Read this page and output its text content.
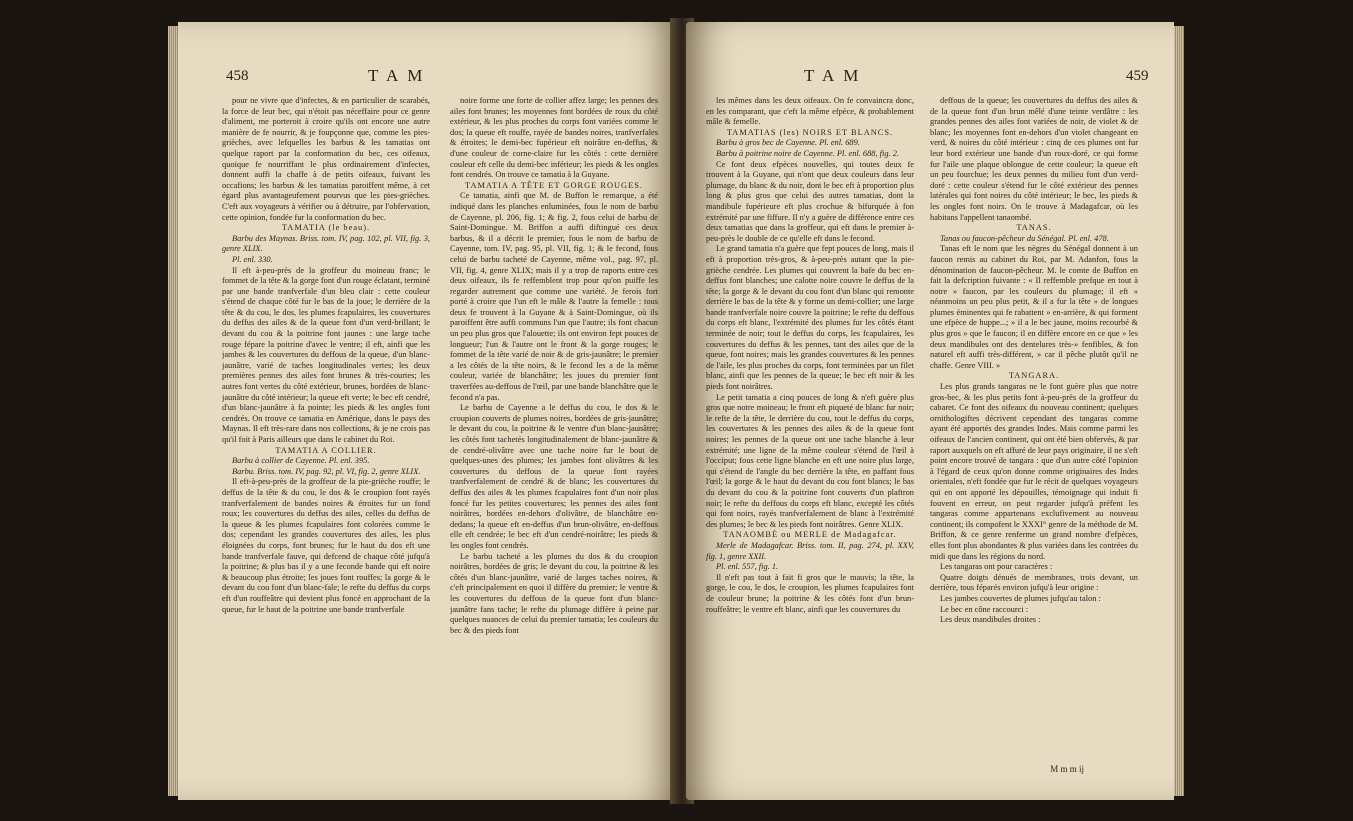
458	TAM

pour ne vivre que d'infectes, & en particulier de scarabés, la force de leur bec, qui n'étoit pas néceffaire pour ce genre d'aliment, me porteroit à croire qu'ils ont encore une autre manière de fe nourrir, & je foupçonne que, comme les pies-grièches, avec lefquelles les barbus & les tamatias ont quelque raport par la conformation du bec, ces oifeaux, quoique fe nourriffant le plus ordinairement d'infectes, donnent auffi la chaffe à de petits oifeaux, fuivant les occafions; les barbus & les tamatias paroiffent même, à cet égard plus avantageufement pourvus que les pies-grièches. C'eft aux voyageurs à vérifier ou à détruire, par l'obfervation, cette opinion, fondée fur la conformation du bec.

TAMATIA (le beau).

Barbu des Maynas. Briss. tom. IV, pag. 102, pl. VII, fig. 3, genre XLIX.

Pl. enl. 330.

Il eft à-peu-près de la groffeur du moineau franc; le fommet de la tête & la gorge font d'un rouge éclatant, terminé par une bande tranfverfale d'un bleu clair : cette couleur s'étend de chaque côté fur le bas de la joue; le derrière de la tête & du cou, le dos, les plumes fcapulaires, les couvertures du deffus des ailes & de la queue font d'un verd-brillant; le devant du cou & la poitrine font jaunes : une large tache rouge fépare la poitrine d'avec le ventre; il eft, ainfi que les jambes & les couvertures du deffous de la queue, d'un blanc-jaunâtre, varié de taches longitudinales vertes; les deux premières pennes des ailes font brunes & très-courtes; les autres font vertes du côté extérieur, brunes, bordées de blanc-jaunâtre du côté intérieur; la queue eft verte; le bec eft cendré, d'un blanc-jaunâtre à fa pointe; les pieds & les ongles font cendrés. On trouve ce tamatia en Amérique, dans le pays des Maynas. Il eft très-rare dans nos collections, & je ne crois pas qu'il foit à Paris ailleurs que dans le cabinet du Roi.

TAMATIA A COLLIER.

Barbu à collier de Cayenne. Pl. enl. 395.

Barbu. Briss. tom. IV, pag. 92, pl. VI, fig. 2, genre XLIX.

Il eft-à-peu-près de la groffeur de la pie-grièche rouffe; le deffus de la tête & du cou, le dos & le croupion font rayés tranfverfalement de bandes noires & étroites fur un fond roux; les couvertures du deffus des ailes, celles du deffus de la queue & les plumes fcapulaires font colorées comme le dos; cependant les grandes couvertures des ailes, les plus éloignées du corps, font brunes; fur le haut du dos eft une bande tranfverfale fauve, qui defcend de chaque côté jufqu'à la poitrine; & plus bas il y a une feconde bande qui eft noire & beaucoup plus étroite; les joues font rouffes; la gorge & le devant du cou font d'un blanc-fale; le refte du deffus du corps eft d'un rouffeâtre qui devient plus foncé en approchant de la queue, fur le haut de la poitrine une bande tranfverfale

noire forme une forte de collier affez large; les pennes des ailes font brunes; les moyennes font bordées de roux du côté extérieur, & les plus proches du corps font variées comme le dos; la queue eft rouffe, rayée de bandes noires, tranfverfales & étroites; le demi-bec fupérieur eft noirâtre en-deffus, & d'une couleur de corne-claire fur les côtés : cette dernière couleur eft celle du demi-bec inférieur; les pieds & les ongles font cendrés. On trouve ce tamatia à la Guyane.

TAMATIA A TÊTE ET GORGE ROUGES.

Ce tamatia, ainfi que M. de Buffon le remarque, a été indiqué dans les planches enluminées, fous le nom de barbu de Cayenne, pl. 206, fig. 1; & fig. 2, fous celui de barbu de Saint-Domingue. M. Briffon a auffi diftingué ces deux barbus, & il a décrit le premier, fous le nom de barbu de Cayenne, tom. IV, pag. 95, pl. VII, fig. 1; & le fecond, fous celui de barbu tacheté de Cayenne, même vol., pag. 97, pl. VII, fig. 4, genre XLIX; mais il y a trop de raports entre ces deux oifeaux, ils fe reffemblent trop pour qu'on puiffe les regarder autrement que comme une variété. Je ferois fort porté à croire que l'un eft le mâle & l'autre la femelle : tous deux fe trouvent à la Guyane & à Saint-Domingue, où ils paroiffent être auffi communs l'un que l'autre; ils font chacun un peu plus gros que l'alouette; ils ont environ fept pouces de longueur; l'un & l'autre ont le front & la gorge rouges; le fommet de la tête varié de noir & de gris-jaunâtre; le premier a les côtés de la tête noirs, & le fecond les a de la même couleur, variée de blanchâtre; les joues du premier font traverfées au-deffous de l'œil, par une bande blanchâtre que le fecond n'a pas.

Le barbu de Cayenne a le deffus du cou, le dos & le croupion couverts de plumes noires, bordées de gris-jaunâtre; le devant du cou, la poitrine & le ventre d'un blanc-jaunâtre; les côtés font tachetés longitudinalement de blanc-jaunâtre & de cendré-olivâtre avec une tache noire fur le bout de quelques-unes des plumes; les jambes font olivâtres & les couvertures du deffous de la queue font rayées tranfverfalement de cendré & de blanc; les couvertures du deffus des ailes & les plumes fcapulaires font d'un noir plus foncé fur les petites couvertures; les pennes des ailes font noirâtres, bordées en-dehors d'olivâtre, de blanchâtre en-dedans; la queue eft en-deffus d'un brun-olivâtre, en-deffous elle eft cendrée; le bec eft d'un cendré-noirâtre; les pieds & les ongles font cendrés.

Le barbu tacheté a les plumes du dos & du croupion noirâtres, bordées de gris; le devant du cou, la poitrine & les côtés d'un blanc-jaunâtre, varié de larges taches noires, & c'eft principalement en quoi il diffère du premier; le ventre & les couvertures du deffous de la queue font d'un blanc-jaunâtre fans tache; le refte du plumage diffère à peine par quelques nuances de celui du premier tamatia; les couleurs du bec & des pieds font

TAM	459

les mêmes dans les deux oifeaux. On fe convaincra donc, en les comparant, que c'eft la même efpèce, & probablement mâle & femelle.

TAMATIAS (les) NOIRS ET BLANCS.

Barbu à gros bec de Cayenne. Pl. enl. 689.

Barbu à poitrine noire de Cayenne. Pl. enl. 688, fig. 2.

Ce font deux efpèces nouvelles, qui toutes deux fe trouvent à la Guyane, qui n'ont que deux couleurs dans leur plumage, du blanc & du noir, dont le bec eft à proportion plus long & plus gros que celui des autres tamatias, dont la mandibule fupérieure eft plus crochue & bifurquée à fon extrémité par une fiffure. Il n'y a guère de différence entre ces deux tamatias que dans la groffeur, qui eft dans le premier à-peu-près le double de ce qu'elle eft dans le fecond.

Le grand tamatia n'a guère que fept pouces de long, mais il eft à proportion très-gros, & à-peu-près autant que la pie-grièche cendrée. Les plumes qui couvrent la bafe du bec en-deffus font blanches; une calotte noire couvre le deffus de la tête; la gorge & le devant du cou font d'un blanc qui remonte derrière le bas de la tête & y forme un demi-collier; une large bande tranfverfale noire couvre la poitrine; le refte du deffous du corps eft blanc, l'extrémité des plumes fur les côtés étant terminée de noir; tout le deffus du corps, les fcapulaires, les couvertures du deffus & les pennes, tant des ailes que de la queue, font noires; mais les grandes couvertures & les pennes de l'aile, les plus proches du corps, font terminées par un filet blanc, ainfi que les pennes de la queue; le bec eft noir & les pieds font noirâtres.

Le petit tamatia a cinq pouces de long & n'eft guère plus gros que notre moineau; le front eft piqueté de blanc fur noir; le refte de la tête, le derrière du cou, tout le deffus du corps, les couvertures & les pennes des ailes & de la queue font noires; les pennes de la queue ont une tache blanche à leur extrémité; une ligne de la même couleur s'étend de l'œil à l'occiput; fous cette ligne blanche en eft une noire plus large, qui s'étend de l'angle du bec derrière la tête, en paffant fous l'œil; la gorge & le haut du devant du cou font blancs; le bas du devant du cou & la poitrine font couverts d'un plaftron noir; le refte du deffous du corps eft blanc, excepté les côtés qui font noirs, rayés tranfverfalement de blanc à l'extrémité des plumes; le bec & les pieds font noirâtres. Genre XLIX.

TANAOMBÉ ou MERLE de Madagafcar.

Merle de Madagafcar. Briss. tom. II, pag. 274, pl. XXV, fig. 1, genre XXII.

Pl. enl. 557, fig. 1.

Il n'eft pas tout à fait fi gros que le mauvis; la tête, la gorge, le cou, le dos, le croupion, les plumes fcapulaires font de couleur brune; la poitrine & les côtés font d'un brun-rouffeâtre; le ventre eft blanc, ainfi que les couvertures du

deffous de la queue; les couvertures du deffus des ailes & de la queue font d'un brun mêlé d'une teinte verdâtre : les grandes pennes des ailes font variées de noir, de violet & de blanc; les moyennes font en-dehors d'un violet changeant en verd, & noires du côté intérieur : cinq de ces plumes ont fur leur bord extérieur une bande d'un roux-doré, ce qui forme fur l'aile une plaque oblongue de cette couleur; la queue eft un peu fourchue; les deux pennes du milieu font d'un verd-doré : cette couleur s'étend fur le côté extérieur des pennes latérales qui font noires du côté intérieur; le bec, les pieds & les ongles font noirs. On le trouve à Madagafcar, où les habitans l'appellent tanaombé.

TANAS.

Tanas ou faucon-pêcheur du Sénégal. Pl. enl. 478.

Tanas eft le nom que les nègres du Sénégal donnent à un faucon remis au cabinet du Roi, par M. Adanfon, fous la dénomination de faucon-pêcheur. M. le comte de Buffon en fait la defcription fuivante : « Il reffemble prefque en tout à notre » faucon, par les couleurs du plumage; il eft » néanmoins un peu plus petit, & il a fur la tête » de longues plumes éminentes qui fe rabattent » en-arrière, & qui forment une efpèce de huppe...; » il a le bec jaune, moins recourbé & plus gros » que le faucon; il en diffère encore en ce que » les deux mandibules ont des dentelures très-» fenfibles, & fon naturel eft auffi très-différent, » car il pêche plutôt qu'il ne chaffe. Genre VIII. »

TANGARA.

Les plus grands tangaras ne le font guère plus que notre gros-bec, & les plus petits font à-peu-près de la groffeur du cabaret. Ce font des oifeaux du nouveau continent; quelques ornithologiftes décrivent cependant des tangaras comme ayant été apportés des grandes Indes. Mais comme parmi les oifeaux de l'ancien continent, qui ont été bien obfervés, & par raport auxquels on eft affuré de leur pays originaire, il ne s'eft point encore trouvé de tangara : que d'un autre côté l'opinion à l'égard de ceux qu'on donne comme originaires des Indes orientales, n'eft fondée que fur le récit de quelques voyageurs qui en ont apporté les dépouilles, témoignage qui induit fi fouvent en erreur, on peut regarder jufqu'à préfent les tangaras comme appartenans exclufivement au nouveau continent; ils compofent le XXXI° genre de la méthode de M. Briffon, & ce genre renferme un grand nombre d'efpèces, elles font plus abondantes & plus variées dans les contrées du midi que dans les régions du nord.

Les tangaras ont pour caractères :

Quatre doigts dénués de membranes, trois devant, un derrière, tous féparés environ jufqu'à leur origine :

Les jambes couvertes de plumes jufqu'au talon :

Le bec en cône raccourci :

Les deux mandibules droites :

M m m ij
